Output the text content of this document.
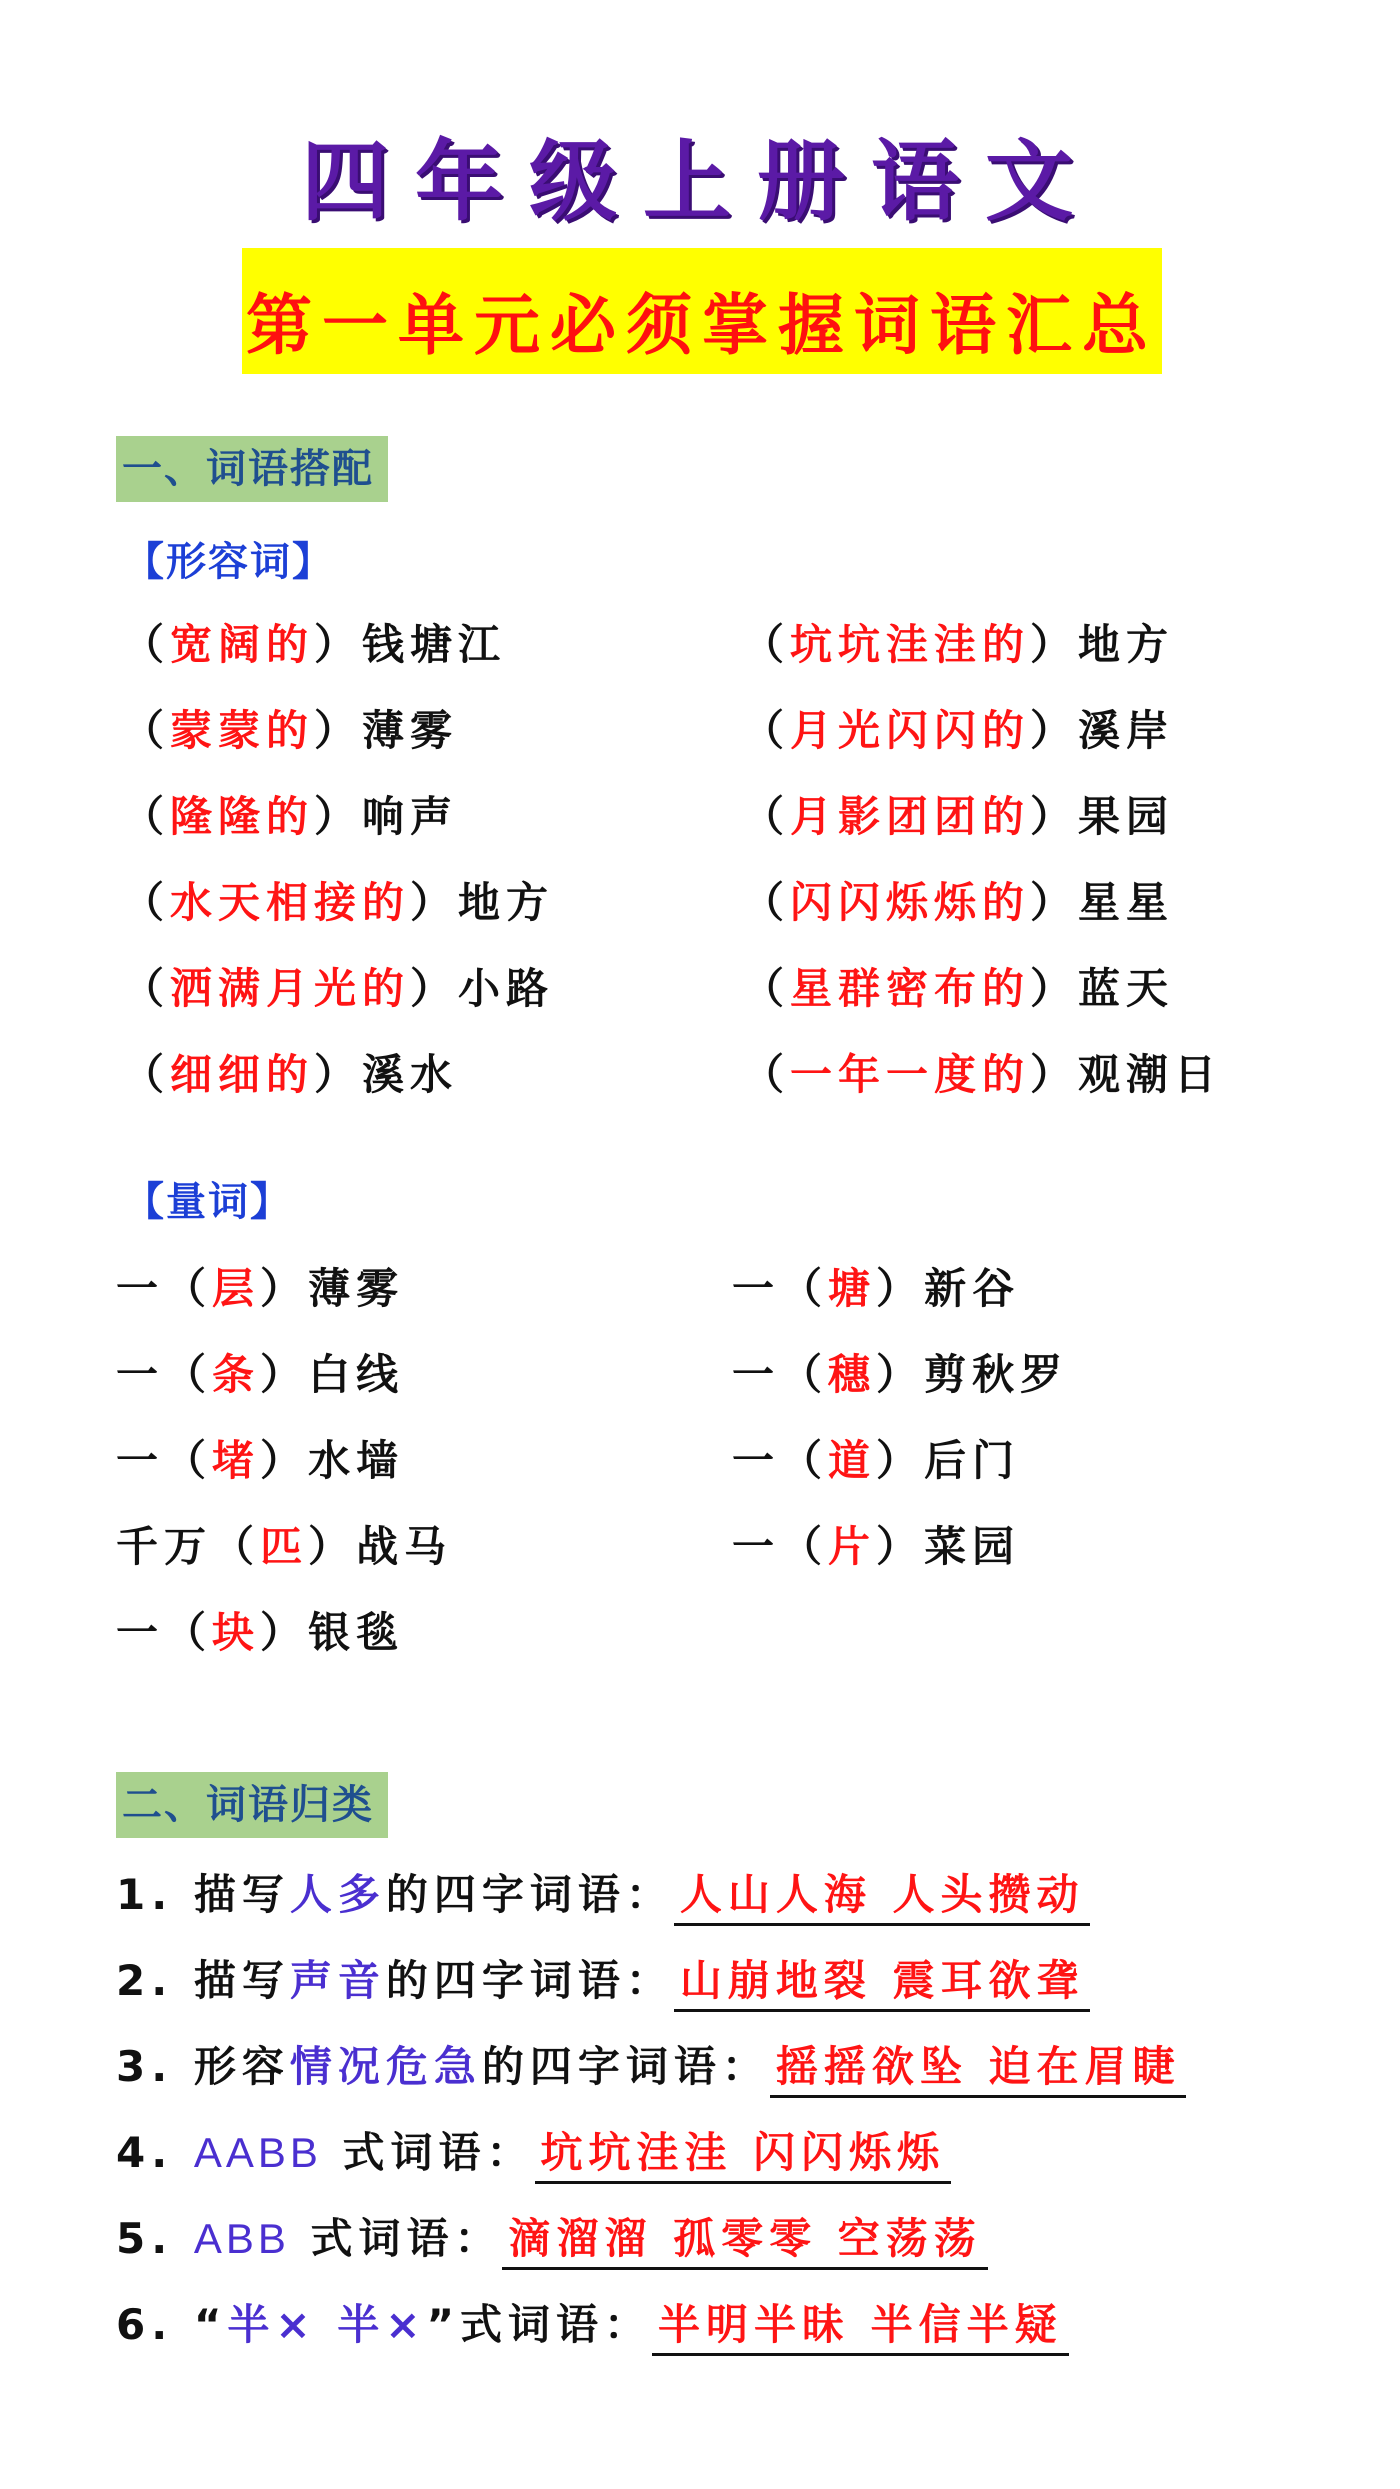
四年级上册语文
第一单元必须掌握词语汇总
一、词语搭配
【形容词】
（宽阔的）钱塘江
（蒙蒙的）薄雾
（隆隆的）响声
（水天相接的）地方
（洒满月光的）小路
（细细的）溪水
（坑坑洼洼的）地方
（月光闪闪的）溪岸
（月影团团的）果园
（闪闪烁烁的）星星
（星群密布的）蓝天
（一年一度的）观潮日
【量词】
一（层）薄雾
一（条）白线
一（堵）水墙
千万（匹）战马
一（块）银毯
一（塘）新谷
一（穗）剪秋罗
一（道）后门
一（片）菜园
二、词语归类
1. 描写人多的四字词语： 人山人海 人头攒动
2. 描写声音的四字词语： 山崩地裂 震耳欲聋
3. 形容情况危急的四字词语： 摇摇欲坠 迫在眉睫
4. AABB 式词语： 坑坑洼洼 闪闪烁烁
5. ABB 式词语： 滴溜溜 孤零零 空荡荡
6. “半× 半×”式词语： 半明半昧 半信半疑
